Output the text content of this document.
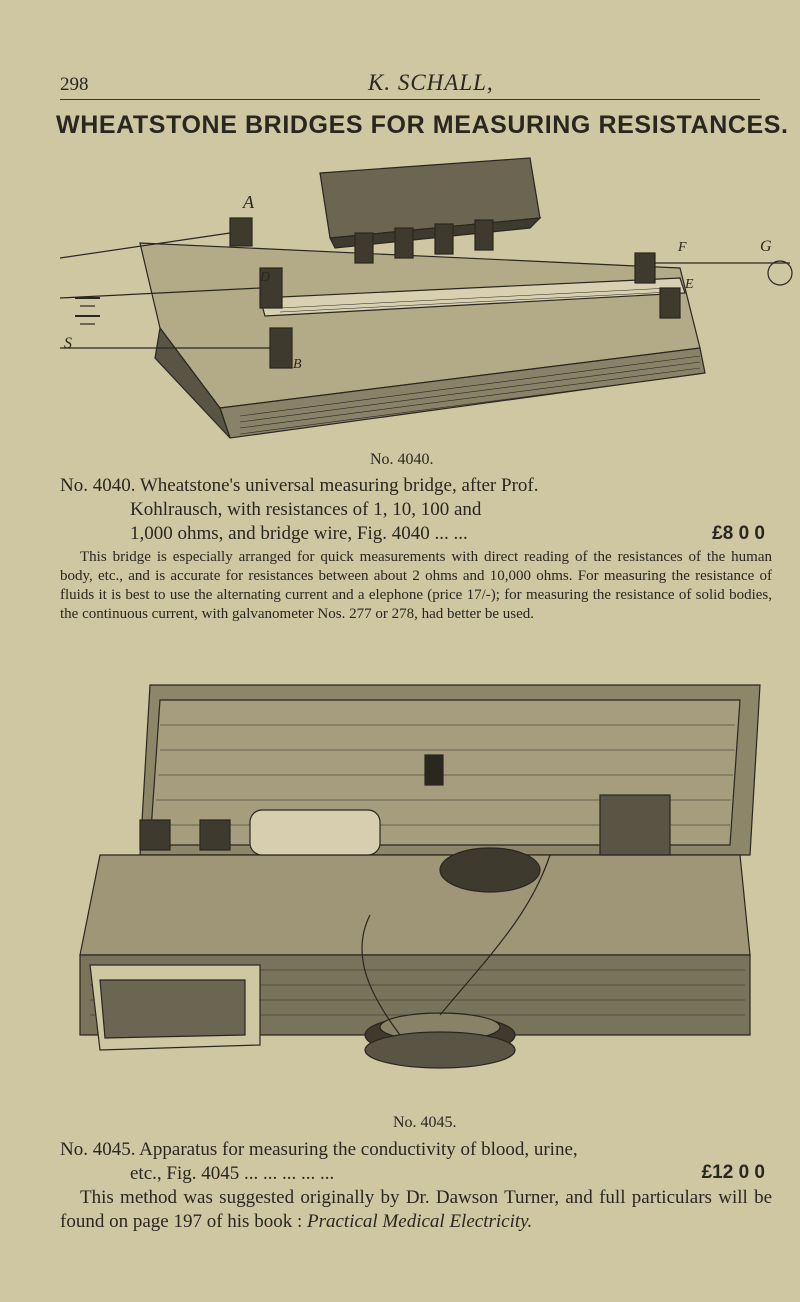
298	K. SCHALL,
WHEATSTONE BRIDGES FOR MEASURING RESISTANCES.
A
F	G
D	E
B
S
No. 4040.
No. 4040. Wheatstone's universal measuring bridge, after Prof.
Kohlrausch, with resistances of 1, 10, 100 and
1,000 ohms, and bridge wire, Fig. 4040 ... ...	£8 0 0
This bridge is especially arranged for quick measurements with direct reading of the resistances of the human body, etc., and is accurate for resistances between about 2 ohms and 10,000 ohms. For measuring the resistance of fluids it is best to use the alternating current and a elephone (price 17/-); for measuring the resistance of solid bodies, the continuous current, with galvanometer Nos. 277 or 278, had better be used.
No. 4045.
No. 4045. Apparatus for measuring the conductivity of blood, urine,
etc., Fig. 4045 ... ... ... ... ...	£12 0 0
This method was suggested originally by Dr. Dawson Turner, and full particulars will be found on page 197 of his book : Practical Medical Electricity.
